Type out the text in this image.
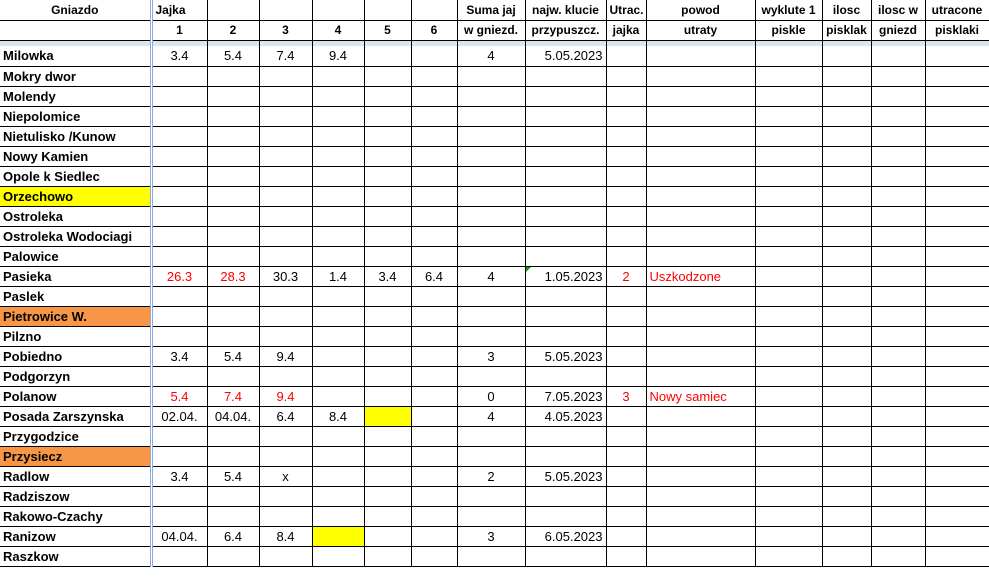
Gniazdo	Jajka						Suma jaj	najw. klucie	Utrac.	powod	wyklute 1	ilosc	ilosc w	utracone
	1	2	3	4	5	6	w gniezd.	przypuszcz.	jajka	utraty	piskle	pisklak	gniezd	pisklaki

Milowka	3.4	5.4	7.4	9.4			4	5.05.2023						
Mokry dwor														
Molendy														
Niepolomice														
Nietulisko /Kunow														
Nowy Kamien														
Opole k Siedlec														
Orzechowo														
Ostroleka														
Ostroleka Wodociagi														
Palowice														
Pasieka	26.3	28.3	30.3	1.4	3.4	6.4	4	1.05.2023	2	Uszkodzone				
Paslek														
Pietrowice W.														
Pilzno														
Pobiedno	3.4	5.4	9.4				3	5.05.2023						
Podgorzyn														
Polanow	5.4	7.4	9.4				0	7.05.2023	3	Nowy samiec				
Posada Zarszynska	02.04.	04.04.	6.4	8.4			4	4.05.2023						
Przygodzice														
Przysiecz														
Radlow	3.4	5.4	x				2	5.05.2023						
Radziszow														
Rakowo-Czachy														
Ranizow	04.04.	6.4	8.4				3	6.05.2023						
Raszkow														
